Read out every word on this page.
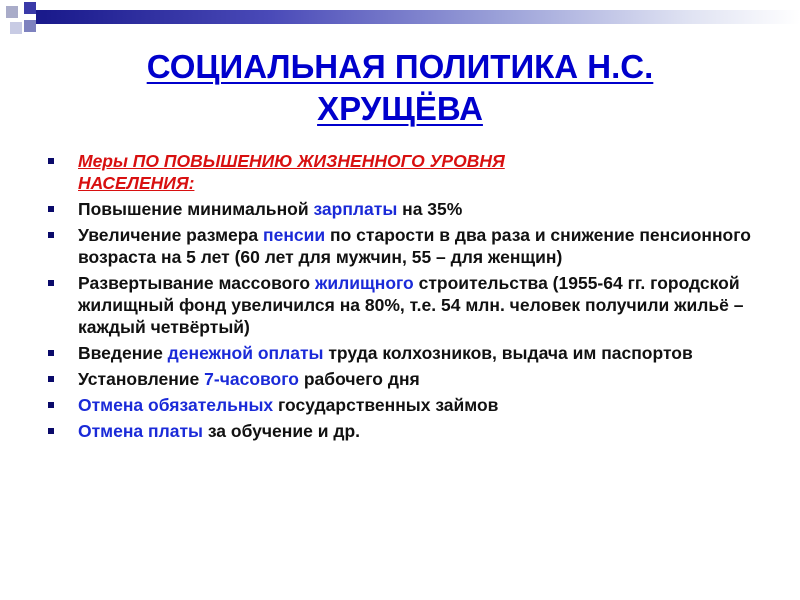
СОЦИАЛЬНАЯ ПОЛИТИКА Н.С.
ХРУЩЁВА
Меры ПО ПОВЫШЕНИЮ ЖИЗНЕННОГО УРОВНЯ
НАСЕЛЕНИЯ:
Повышение минимальной зарплаты на 35%
Увеличение размера пенсии по старости в два раза и снижение пенсионного возраста на 5 лет (60 лет для мужчин, 55 – для женщин)
Развертывание массового жилищного строительства (1955-64 гг. городской жилищный фонд увеличился на 80%, т.е. 54 млн. человек получили жильё – каждый четвёртый)
Введение денежной оплаты труда колхозников, выдача им паспортов
Установление 7-часового рабочего дня
Отмена обязательных государственных займов
Отмена платы за обучение и др.
